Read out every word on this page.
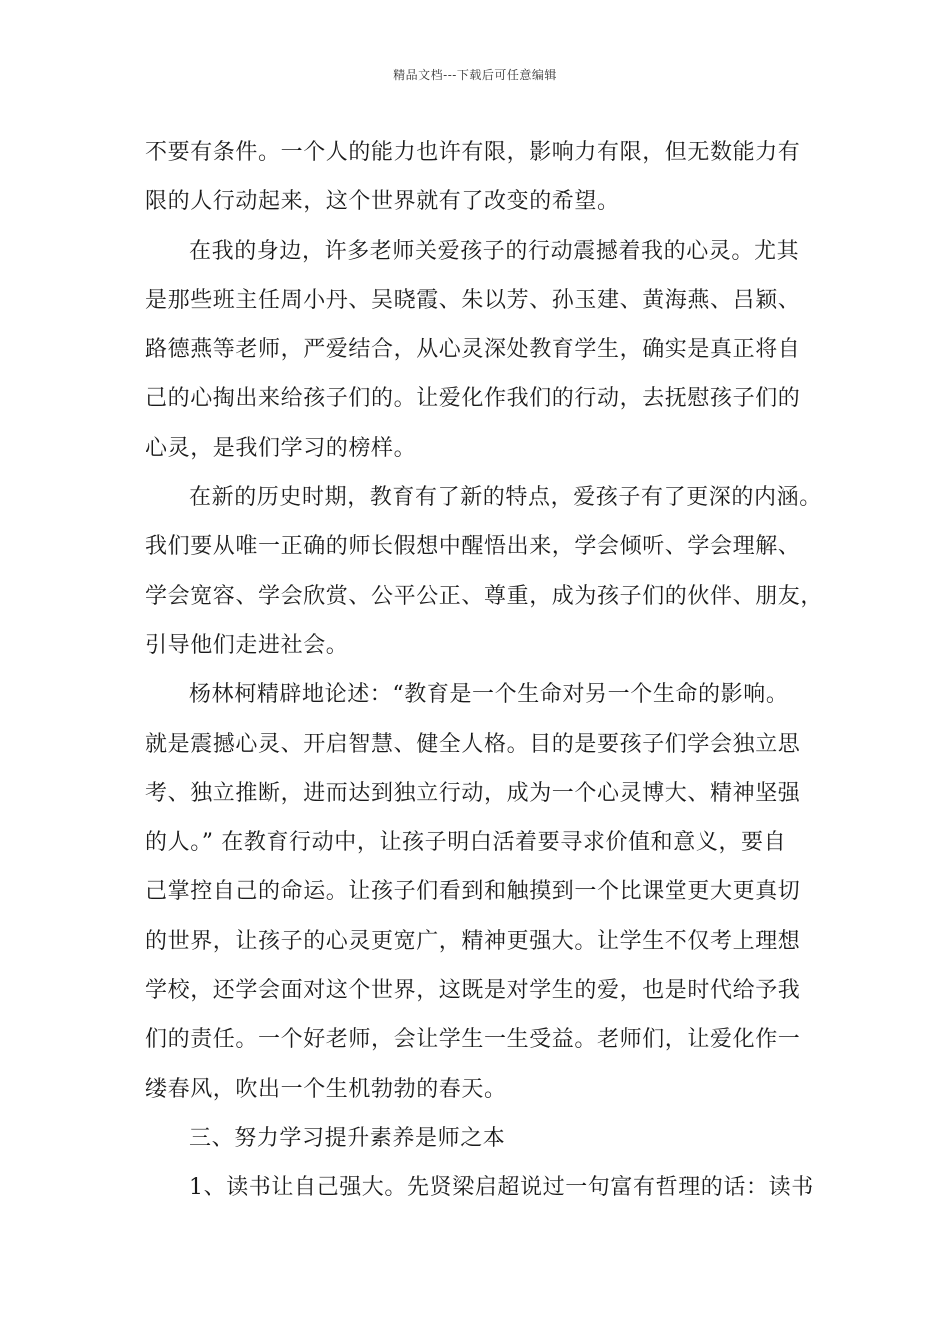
精品文档---下载后可任意编辑
不要有条件。一个人的能力也许有限，影响力有限，但无数能力有
限的人行动起来，这个世界就有了改变的希望。
在我的身边，许多老师关爱孩子的行动震撼着我的心灵。尤其
是那些班主任周小丹、吴晓霞、朱以芳、孙玉建、黄海燕、吕颖、
路德燕等老师，严爱结合，从心灵深处教育学生，确实是真正将自
己的心掏出来给孩子们的。让爱化作我们的行动，去抚慰孩子们的
心灵，是我们学习的榜样。
在新的历史时期，教育有了新的特点，爱孩子有了更深的内涵。
我们要从唯一正确的师长假想中醒悟出来，学会倾听、学会理解、
学会宽容、学会欣赏、公平公正、尊重，成为孩子们的伙伴、朋友，
引导他们走进社会。
杨林柯精辟地论述：“教育是一个生命对另一个生命的影响。
就是震撼心灵、开启智慧、健全人格。目的是要孩子们学会独立思
考、独立推断，进而达到独立行动，成为一个心灵博大、精神坚强
的人。” 在教育行动中，让孩子明白活着要寻求价值和意义，要自
己掌控自己的命运。让孩子们看到和触摸到一个比课堂更大更真切
的世界，让孩子的心灵更宽广，精神更强大。让学生不仅考上理想
学校，还学会面对这个世界，这既是对学生的爱，也是时代给予我
们的责任。一个好老师，会让学生一生受益。老师们，让爱化作一
缕春风，吹出一个生机勃勃的春天。
三、努力学习提升素养是师之本
1、读书让自己强大。先贤梁启超说过一句富有哲理的话：读书
